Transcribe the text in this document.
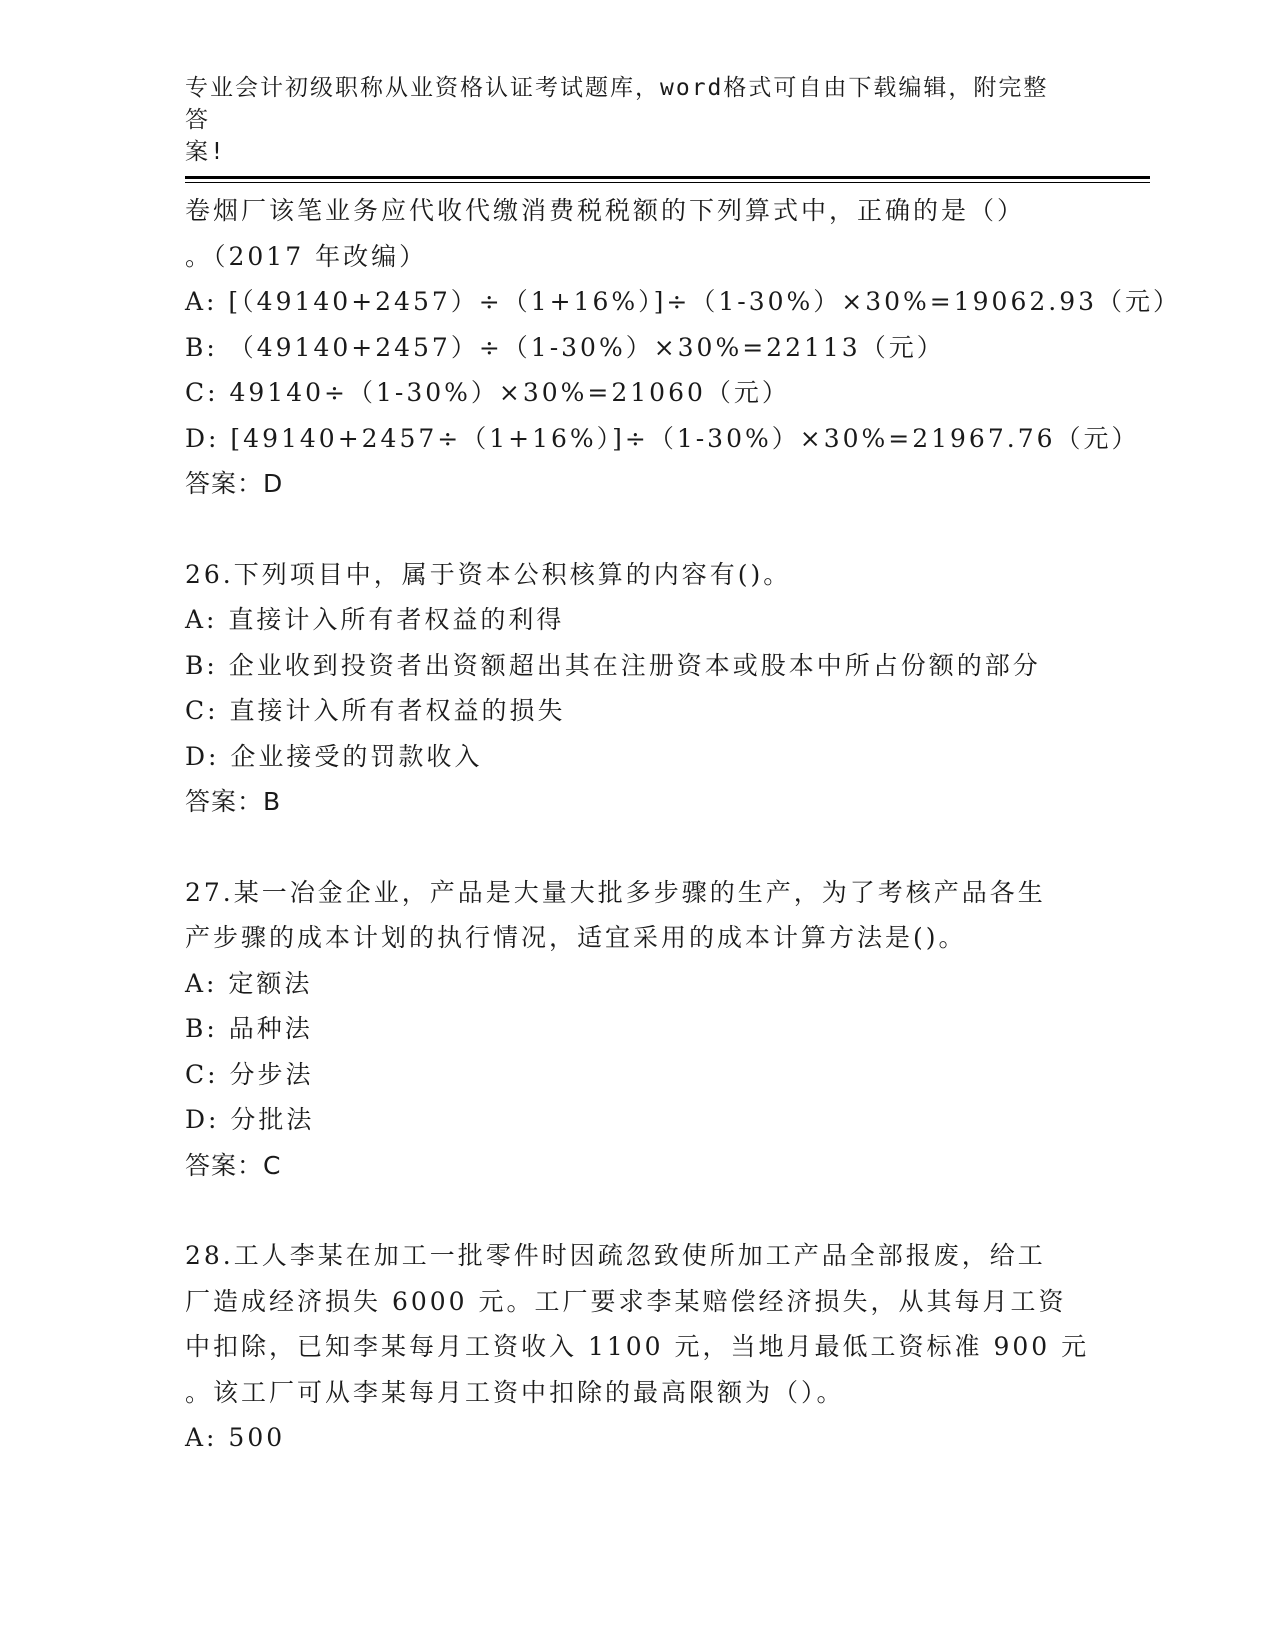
专业会计初级职称从业资格认证考试题库，word格式可自由下载编辑，附完整答
案!
卷烟厂该笔业务应代收代缴消费税税额的下列算式中，正确的是（）
。（2017 年改编）
A: [（49140+2457）÷（1+16%）]÷（1-30%）×30%=19062.93（元）
B: （49140+2457）÷（1-30%）×30%=22113（元）
C: 49140÷（1-30%）×30%=21060（元）
D: [49140+2457÷（1+16%）]÷（1-30%）×30%=21967.76（元）
答案：D
26.下列项目中，属于资本公积核算的内容有()。
A: 直接计入所有者权益的利得
B: 企业收到投资者出资额超出其在注册资本或股本中所占份额的部分
C: 直接计入所有者权益的损失
D: 企业接受的罚款收入
答案：B
27.某一冶金企业，产品是大量大批多步骤的生产，为了考核产品各生
产步骤的成本计划的执行情况，适宜采用的成本计算方法是()。
A: 定额法
B: 品种法
C: 分步法
D: 分批法
答案：C
28.工人李某在加工一批零件时因疏忽致使所加工产品全部报废，给工
厂造成经济损失 6000 元。工厂要求李某赔偿经济损失，从其每月工资
中扣除，已知李某每月工资收入 1100 元，当地月最低工资标准 900 元
。该工厂可从李某每月工资中扣除的最高限额为（）。
A: 500
